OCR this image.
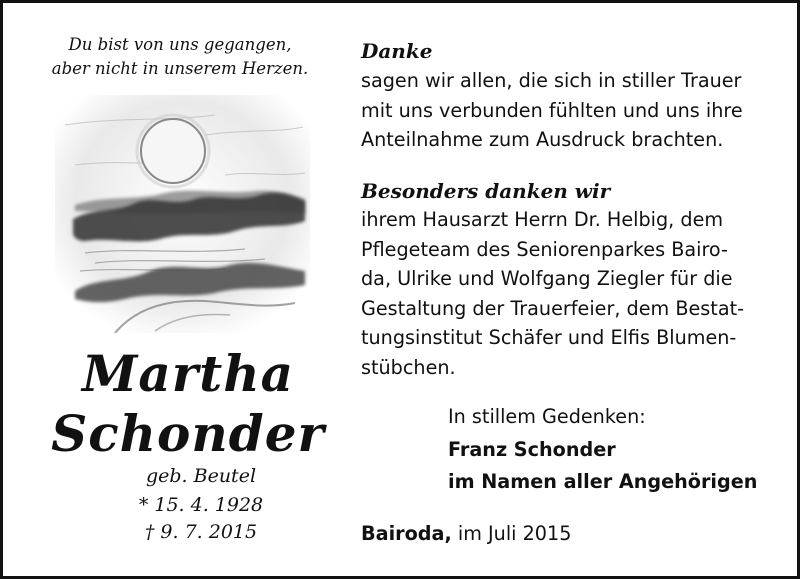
Du bist von uns gegangen,
aber nicht in unserem Herzen.
Martha
Schonder
geb. Beutel
* 15. 4. 1928
† 9. 7. 2015
Danke

sagen wir allen, die sich in stiller Trauer
mit uns verbunden fühlten und uns ihre
Anteilnahme zum Ausdruck brachten.

Besonders danken wir

ihrem Hausarzt Herrn Dr. Helbig, dem
Pflegeteam des Seniorenparkes Bairo-
da, Ulrike und Wolfgang Ziegler für die
Gestaltung der Trauerfeier, dem Bestat-
tungsinstitut Schäfer und Elfis Blumen-
stübchen.

In stillem Gedenken:
Franz Schonder
im Namen aller Angehörigen
Bairoda, im Juli 2015
